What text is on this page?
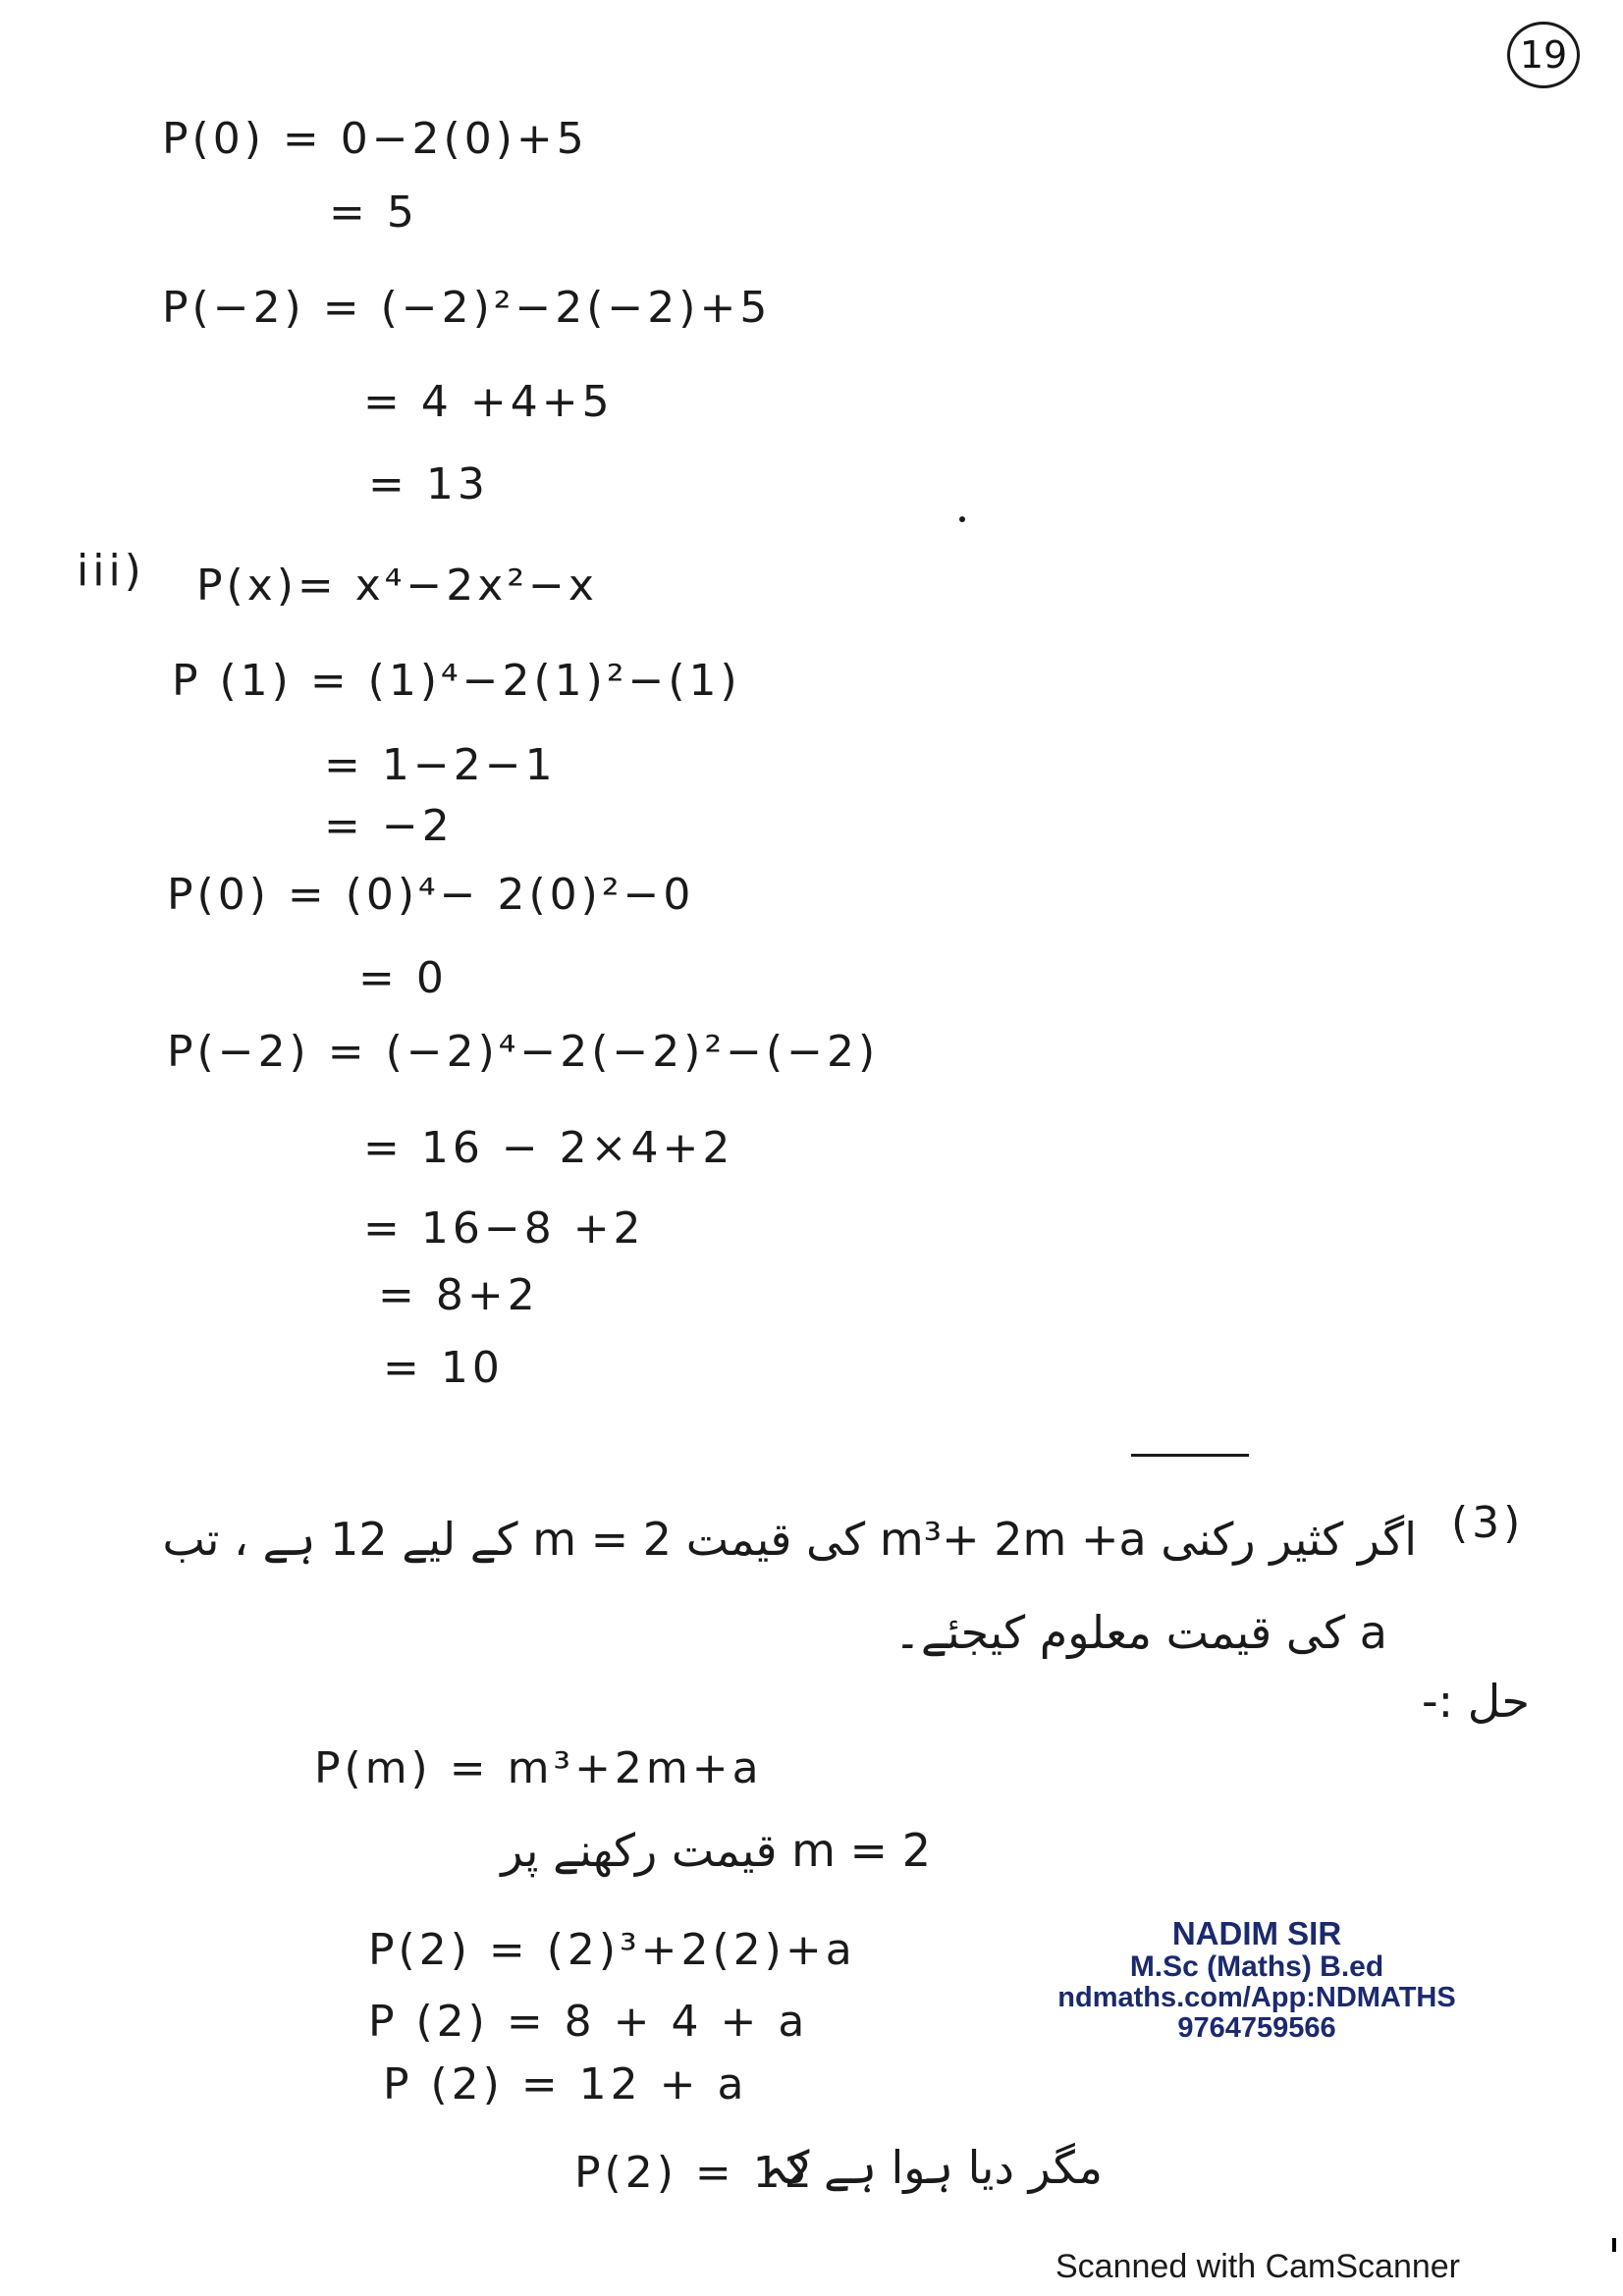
19
P(0) = 0−2(0)+5
= 5
P(−2) = (−2)²−2(−2)+5
= 4 +4+5
= 13
iii) P(x)= x⁴−2x²−x
P (1) = (1)⁴−2(1)²−(1)
= 1−2−1
= −2
P(0) = (0)⁴− 2(0)²−0
= 0
P(−2) = (−2)⁴−2(−2)²−(−2)
= 16 − 2×4+2
= 16−8 +2
= 8+2
= 10
(3)
اگر کثیر رکنی m³+ 2m +a کی قیمت m = 2 کے لیے 12 ہے ، تب
a کی قیمت معلوم کیجئے۔
حل :-
P(m) = m³+2m+a
m = 2 قیمت رکھنے پر
P(2) = (2)³+2(2)+a
P (2) = 8 + 4 + a
P (2) = 12 + a
P(2) = 12
مگر دیا ہوا ہے کہ
NADIM SIR
M.Sc (Maths) B.ed
ndmaths.com/App:NDMATHS
9764759566
Scanned with CamScanner
